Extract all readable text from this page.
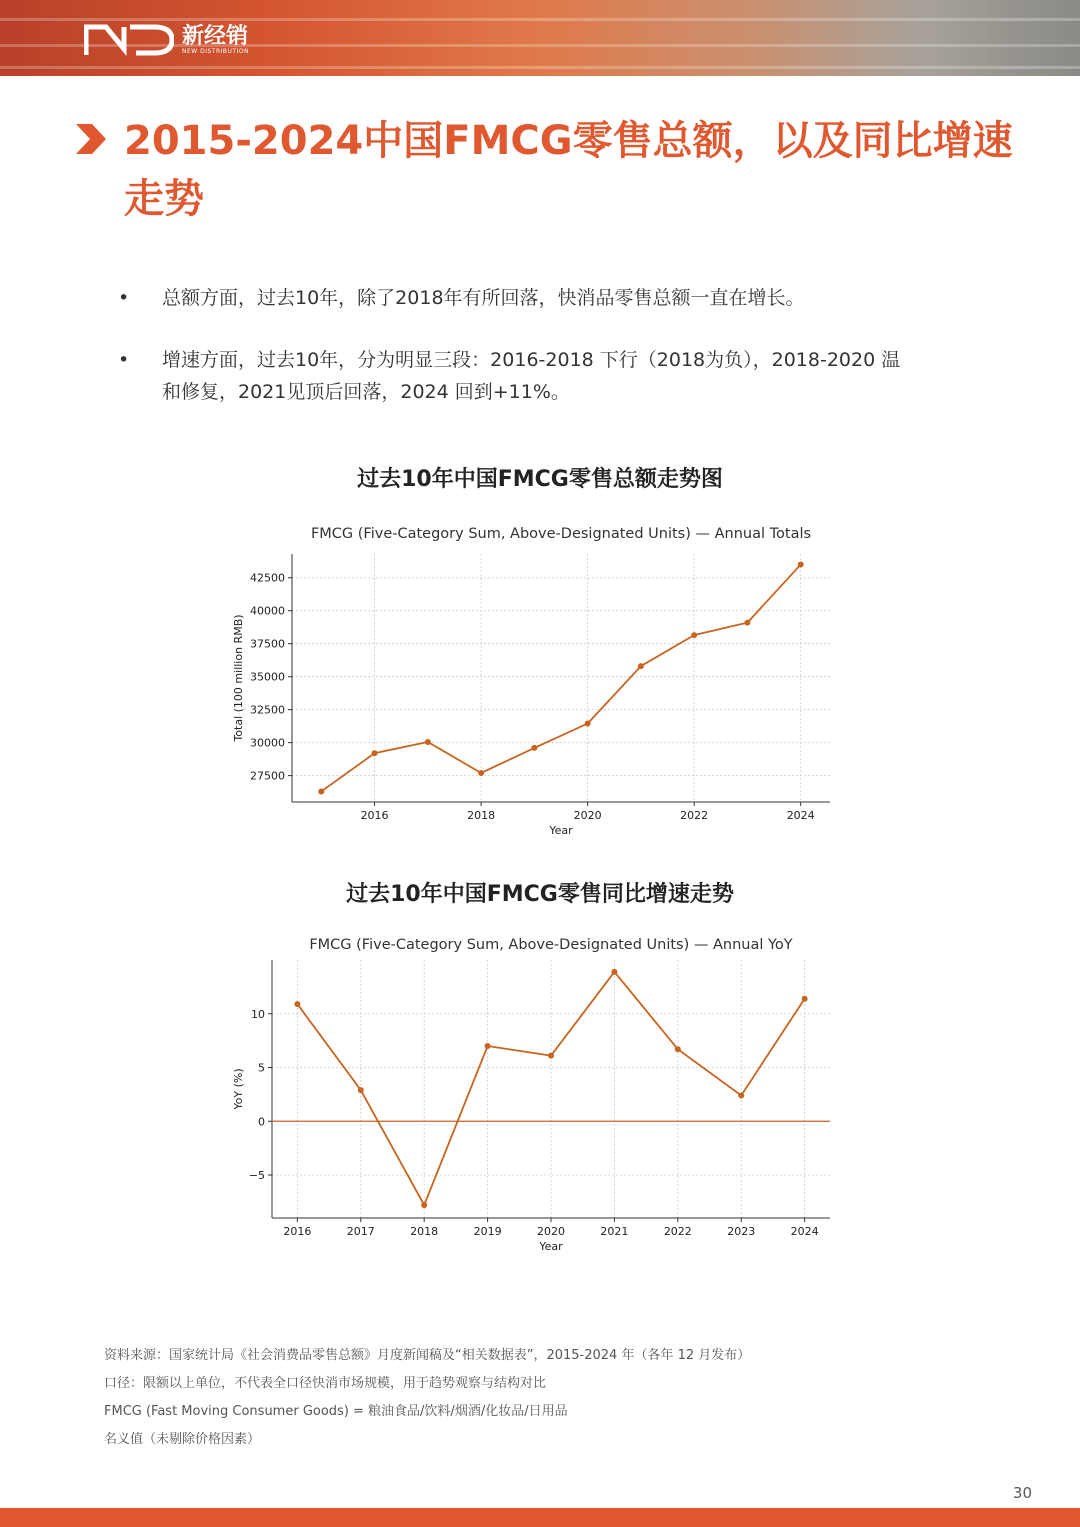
新经销
NEW DISTRIBUTION
2015-2024中国FMCG零售总额，以及同比增速走势
• 总额方面，过去10年，除了2018年有所回落，快消品零售总额一直在增长。
• 增速方面，过去10年，分为明显三段：2016-2018 下行（2018为负），2018-2020 温和修复，2021见顶后回落，2024 回到+11%。
过去10年中国FMCG零售总额走势图
FMCG (Five-Category Sum, Above-Designated Units) — Annual Totals
27500
30000
32500
35000
37500
40000
42500
2016	2018	2020	2022	2024
Year
Total (100 million RMB)
过去10年中国FMCG零售同比增速走势
FMCG (Five-Category Sum, Above-Designated Units) — Annual YoY
−5
0
5
10
2016	2017	2018	2019	2020	2021	2022	2023	2024
Year
YoY (%)
资料来源：国家统计局《社会消费品零售总额》月度新闻稿及“相关数据表”，2015-2024 年（各年 12 月发布）
口径：限额以上单位，不代表全口径快消市场规模，用于趋势观察与结构对比
FMCG (Fast Moving Consumer Goods) = 粮油食品/饮料/烟酒/化妆品/日用品
名义值（未剔除价格因素）
30
